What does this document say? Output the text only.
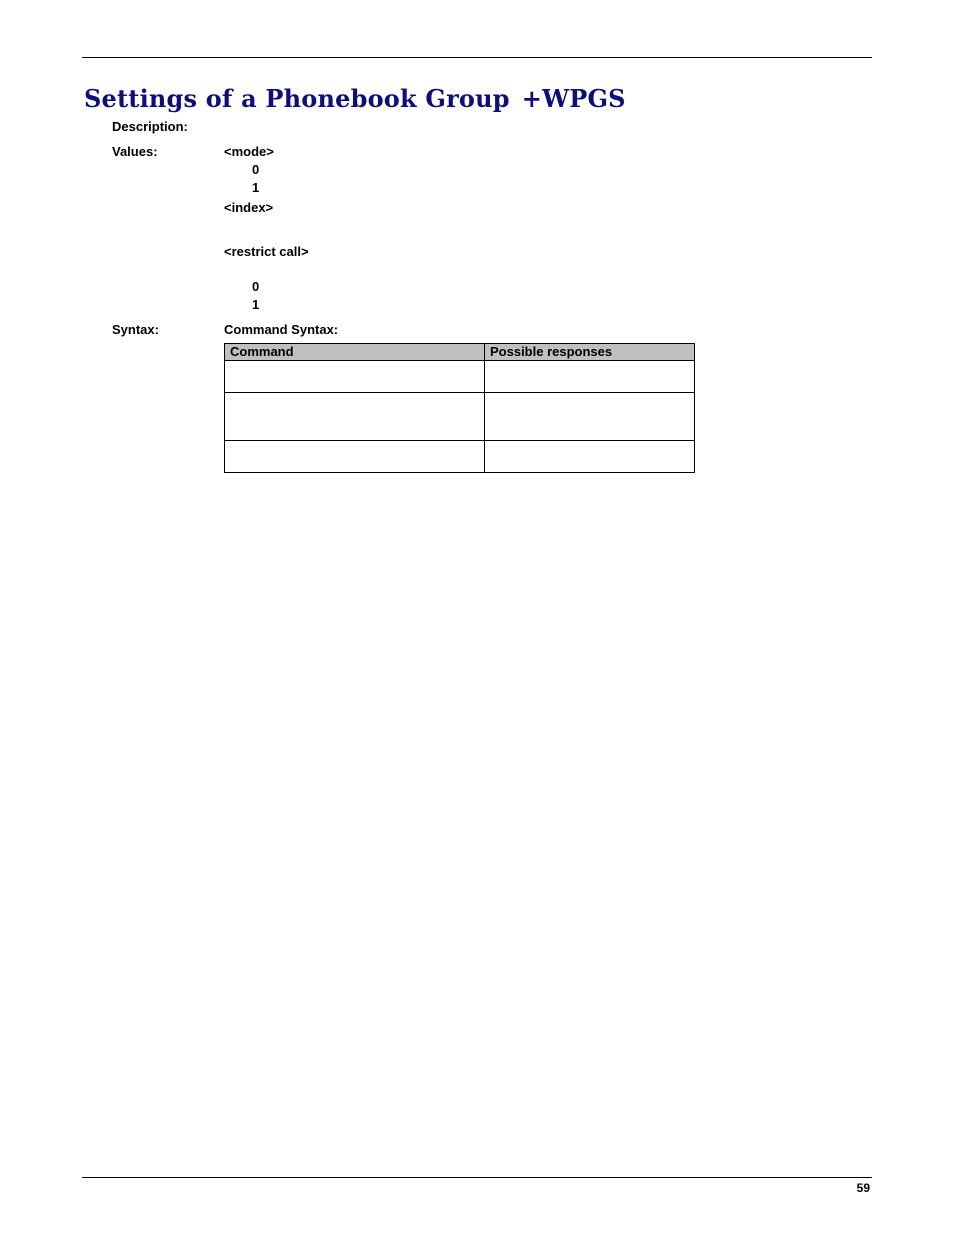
Settings of a Phonebook Group +WPGS
Description:
Values:	<mode>
0
1
<index>
<restrict call>
0
1
Syntax:	Command Syntax:
Command	Possible responses

59
